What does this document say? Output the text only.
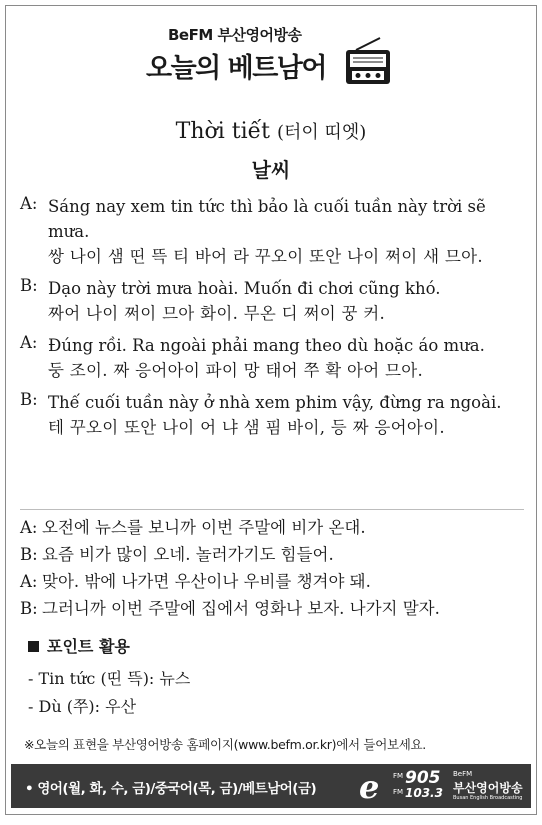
BeFM 부산영어방송
오늘의 베트남어
Thời tiết (터이 띠엣)
날씨
A: Sáng nay xem tin tức thì bảo là cuối tuần này trời sẽ mưa.
쌍 나이 샘 띤 뜩 티 바어 라 꾸오이 또안 나이 쩌이 새 므아.
B: Dạo này trời mưa hoài. Muốn đi chơi cũng khó.
짜어 나이 쩌이 므아 화이. 무온 디 쩌이 꿍 커.
A: Đúng rồi. Ra ngoài phải mang theo dù hoặc áo mưa.
둥 조이. 짜 응어아이 파이 망 태어 쭈 확 아어 므아.
B: Thế cuối tuần này ở nhà xem phim vậy, đừng ra ngoài.
테 꾸오이 또안 나이 어 냐 샘 핌 바이, 등 짜 응어아이.
A: 오전에 뉴스를 보니까 이번 주말에 비가 온대.
B: 요즘 비가 많이 오네. 놀러가기도 힘들어.
A: 맞아. 밖에 나가면 우산이나 우비를 챙겨야 돼.
B: 그러니까 이번 주말에 집에서 영화나 보자. 나가지 말자.
포인트 활용
- Tin tức (띤 뜩): 뉴스
- Dù (쭈): 우산
※오늘의 표현을 부산영어방송 홈페이지(www.befm.or.kr)에서 들어보세요.
• 영어(월, 화, 수, 금)/중국어(목, 금)/베트남어(금) e FM
FM
905
103.3
BeFM
부산영어방송
Busan English Broadcasting
